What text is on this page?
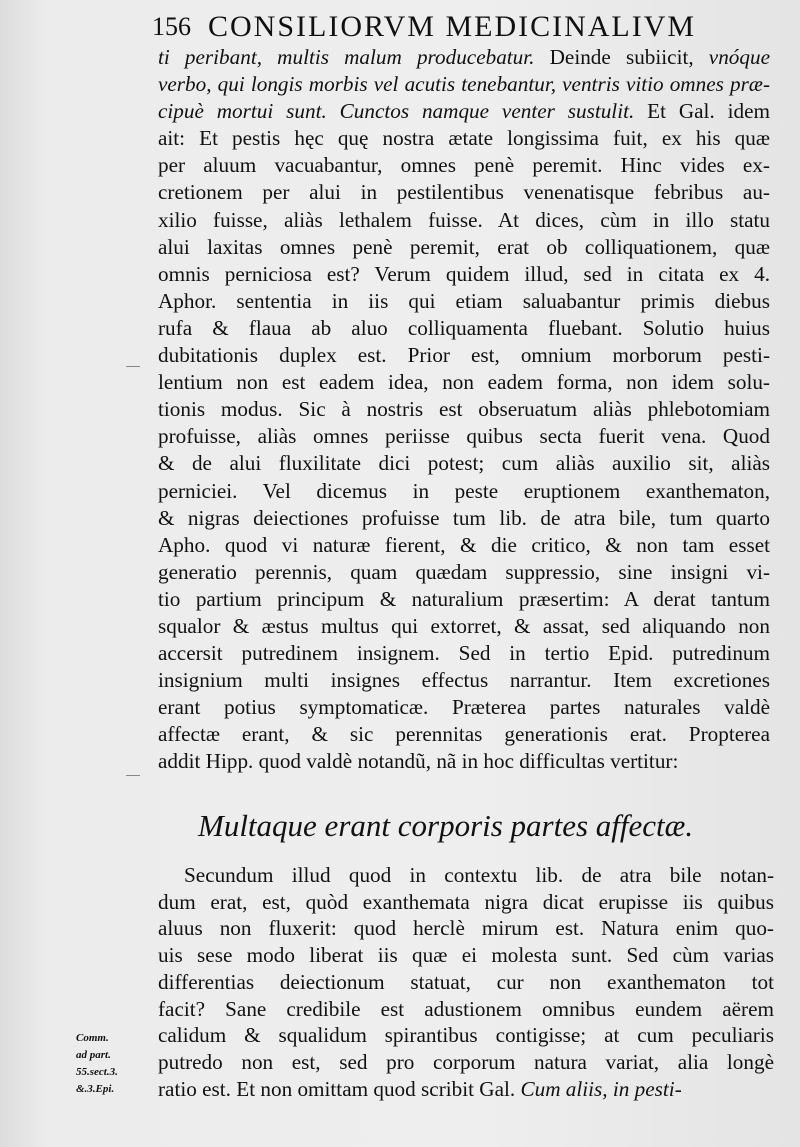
156 CONSILIORVM MEDICINALIVM
ti peribant, multis malum producebatur. Deinde subiicit, vnóque
verbo, qui longis morbis vel acutis tenebantur, ventris vitio omnes præ-
cipuè mortui sunt. Cunctos namque venter sustulit. Et Gal. idem
ait: Et pestis hęc quę nostra ætate longissima fuit, ex his quæ
per aluum vacuabantur, omnes penè peremit. Hinc vides ex-
cretionem per alui in pestilentibus venenatisque febribus au-
xilio fuisse, aliàs lethalem fuisse. At dices, cùm in illo statu
alui laxitas omnes penè peremit, erat ob colliquationem, quæ
omnis perniciosa est? Verum quidem illud, sed in citata ex 4.
Aphor. sententia in iis qui etiam saluabantur primis diebus
rufa & flaua ab aluo colliquamenta fluebant. Solutio huius
dubitationis duplex est. Prior est, omnium morborum pesti-
lentium non est eadem idea, non eadem forma, non idem solu-
tionis modus. Sic à nostris est obseruatum aliàs phlebotomiam
profuisse, aliàs omnes periisse quibus secta fuerit vena. Quod
& de alui fluxilitate dici potest; cum aliàs auxilio sit, aliàs
perniciei. Vel dicemus in peste eruptionem exanthematon,
& nigras deiectiones profuisse tum lib. de atra bile, tum quarto
Apho. quod vi naturæ fierent, & die critico, & non tam esset
generatio perennis, quam quædam suppressio, sine insigni vi-
tio partium principum & naturalium præsertim: A derat tantum
squalor & æstus multus qui extorret, & assat, sed aliquando non
accersit putredinem insignem. Sed in tertio Epid. putredinum
insignium multi insignes effectus narrantur. Item excretiones
erant potius symptomaticæ. Præterea partes naturales valdè
affectæ erant, & sic perennitas generationis erat. Propterea
addit Hipp. quod valdè notandũ, nã in hoc difficultas vertitur:
Multaque erant corporis partes affectæ.
Secundum illud quod in contextu lib. de atra bile notan-
dum erat, est, quòd exanthemata nigra dicat erupisse iis quibus
aluus non fluxerit: quod herclè mirum est. Natura enim quo-
uis sese modo liberat iis quæ ei molesta sunt. Sed cùm varias
differentias deiectionum statuat, cur non exanthematon tot
facit? Sane credibile est adustionem omnibus eundem aërem
calidum & squalidum spirantibus contigisse; at cum peculiaris
putredo non est, sed pro corporum natura variat, alia longè
ratio est. Et non omittam quod scribit Gal. Cum aliis, in pesti-
Comm.
ad part.
55.sect.3.
&.3.Epi.
